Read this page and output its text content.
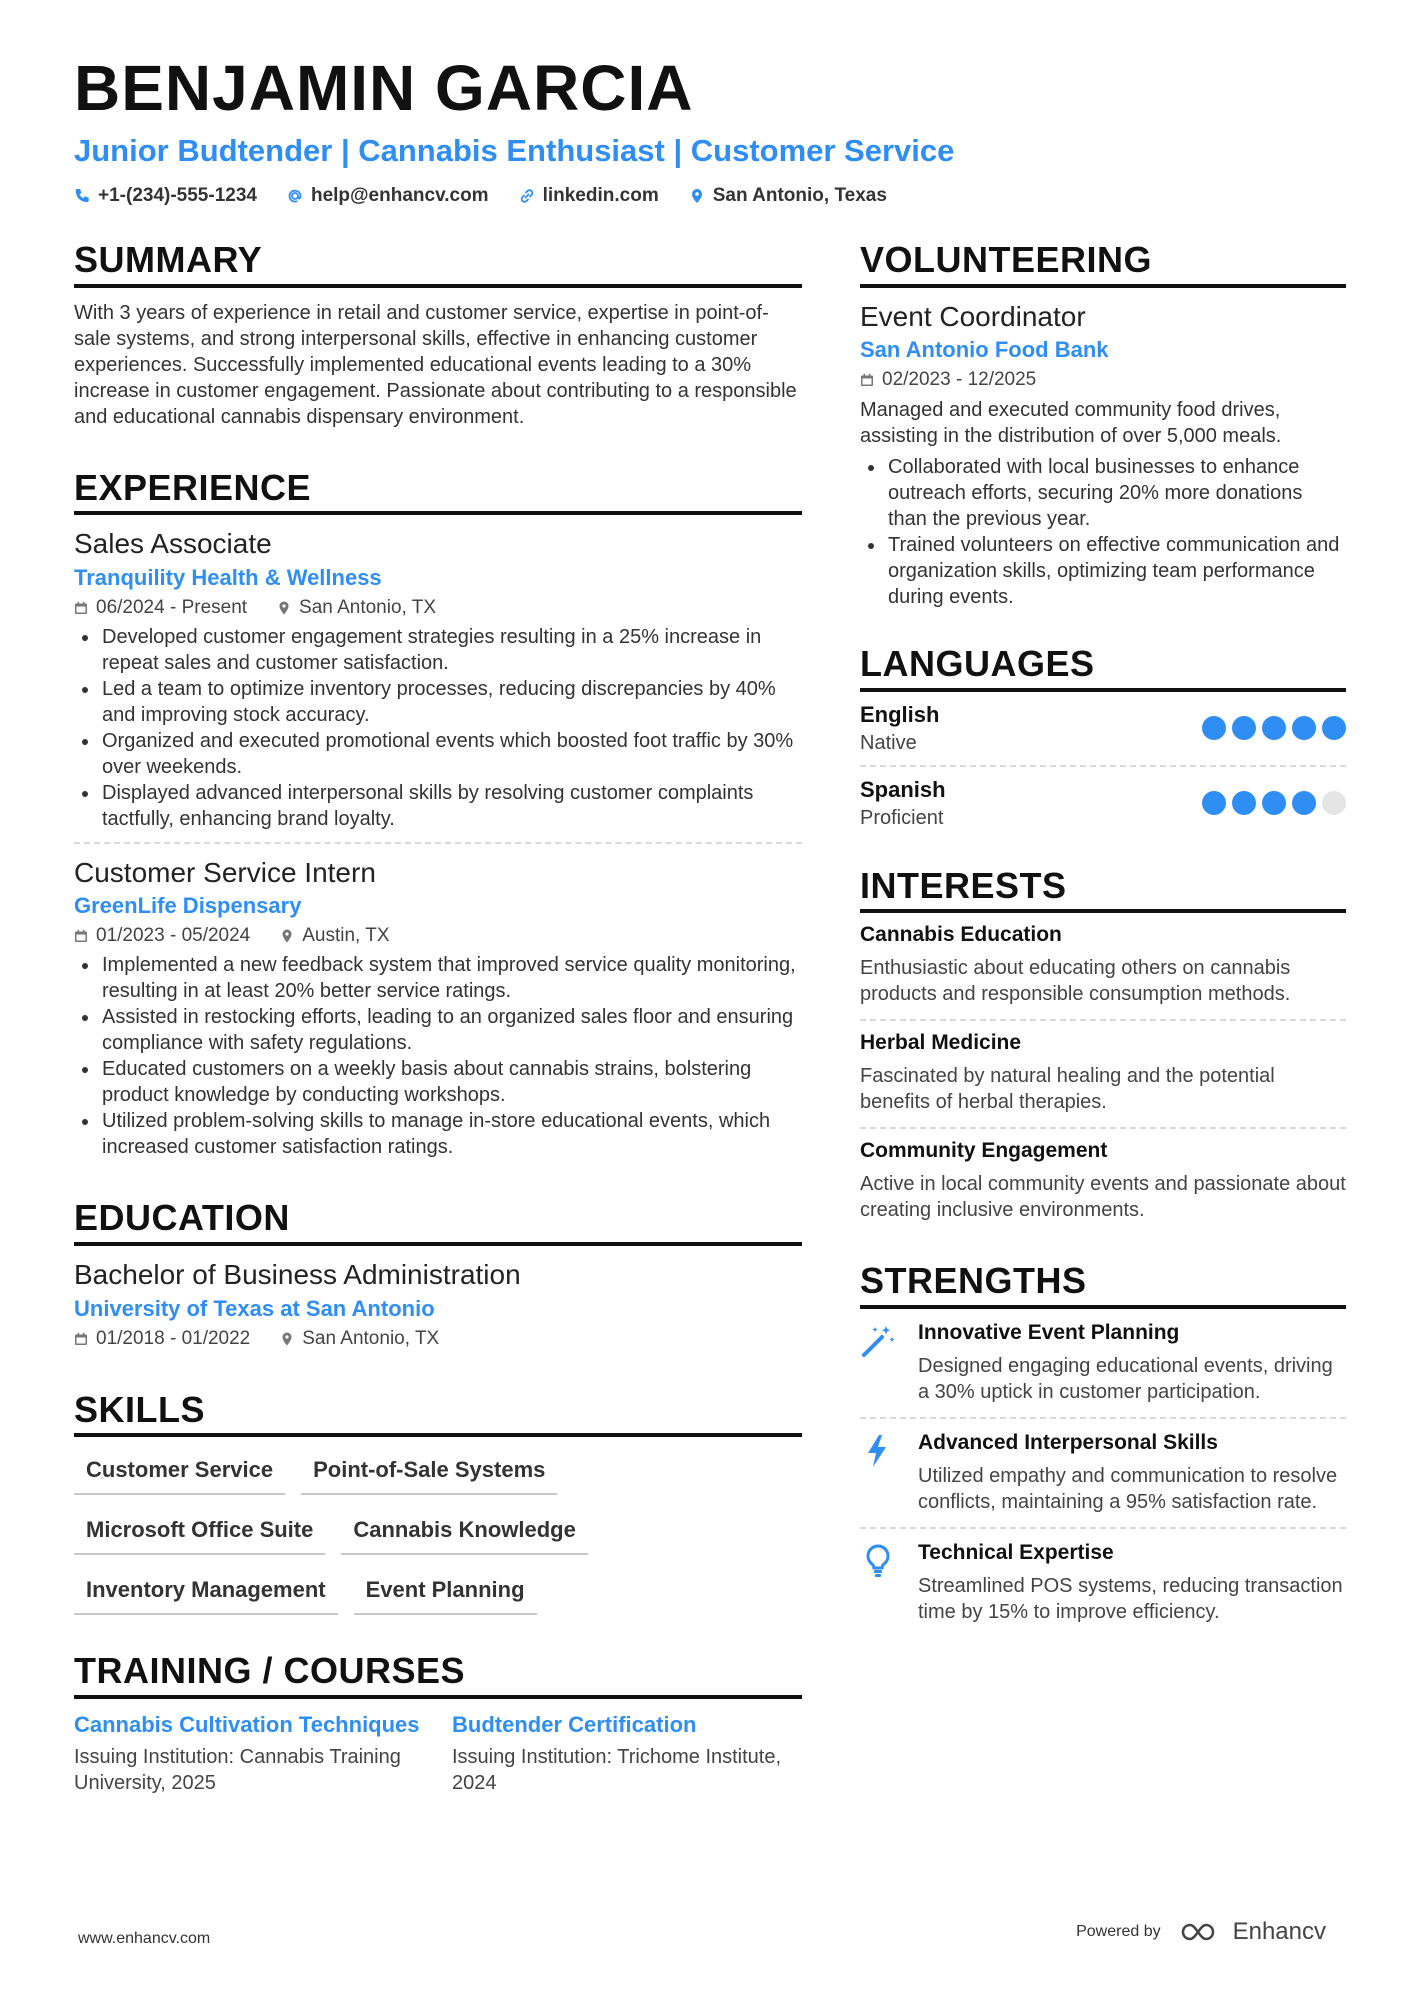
BENJAMIN GARCIA
Junior Budtender | Cannabis Enthusiast | Customer Service
+1-(234)-555-1234	help@enhancv.com	linkedin.com	San Antonio, Texas
SUMMARY

With 3 years of experience in retail and customer service, expertise in point-of-sale systems, and strong interpersonal skills, effective in enhancing customer experiences. Successfully implemented educational events leading to a 30% increase in customer engagement. Passionate about contributing to a responsible and educational cannabis dispensary environment.

EXPERIENCE
Sales Associate
Tranquility Health & Wellness
06/2024 - Present	San Antonio, TX
Developed customer engagement strategies resulting in a 25% increase in repeat sales and customer satisfaction.
Led a team to optimize inventory processes, reducing discrepancies by 40% and improving stock accuracy.
Organized and executed promotional events which boosted foot traffic by 30% over weekends.
Displayed advanced interpersonal skills by resolving customer complaints tactfully, enhancing brand loyalty.
Customer Service Intern
GreenLife Dispensary
01/2023 - 05/2024	Austin, TX
Implemented a new feedback system that improved service quality monitoring, resulting in at least 20% better service ratings.
Assisted in restocking efforts, leading to an organized sales floor and ensuring compliance with safety regulations.
Educated customers on a weekly basis about cannabis strains, bolstering product knowledge by conducting workshops.
Utilized problem-solving skills to manage in-store educational events, which increased customer satisfaction ratings.
EDUCATION
Bachelor of Business Administration
University of Texas at San Antonio
01/2018 - 01/2022	San Antonio, TX
SKILLS
Customer Service	Point-of-Sale Systems
Microsoft Office Suite	Cannabis Knowledge
Inventory Management	Event Planning
TRAINING / COURSES
Cannabis Cultivation Techniques
Issuing Institution: Cannabis Training University, 2025
Budtender Certification
Issuing Institution: Trichome Institute, 2024
VOLUNTEERING
Event Coordinator
San Antonio Food Bank
02/2023 - 12/2025

Managed and executed community food drives, assisting in the distribution of over 5,000 meals.

Collaborated with local businesses to enhance outreach efforts, securing 20% more donations than the previous year.
Trained volunteers on effective communication and organization skills, optimizing team performance during events.
LANGUAGES
English
Native
Spanish
Proficient
INTERESTS
Cannabis Education
Enthusiastic about educating others on cannabis products and responsible consumption methods.
Herbal Medicine
Fascinated by natural healing and the potential benefits of herbal therapies.
Community Engagement
Active in local community events and passionate about creating inclusive environments.
STRENGTHS
Innovative Event Planning
Designed engaging educational events, driving a 30% uptick in customer participation.
Advanced Interpersonal Skills
Utilized empathy and communication to resolve conflicts, maintaining a 95% satisfaction rate.
Technical Expertise
Streamlined POS systems, reducing transaction time by 15% to improve efficiency.
www.enhancv.com	Powered by	Enhancv
